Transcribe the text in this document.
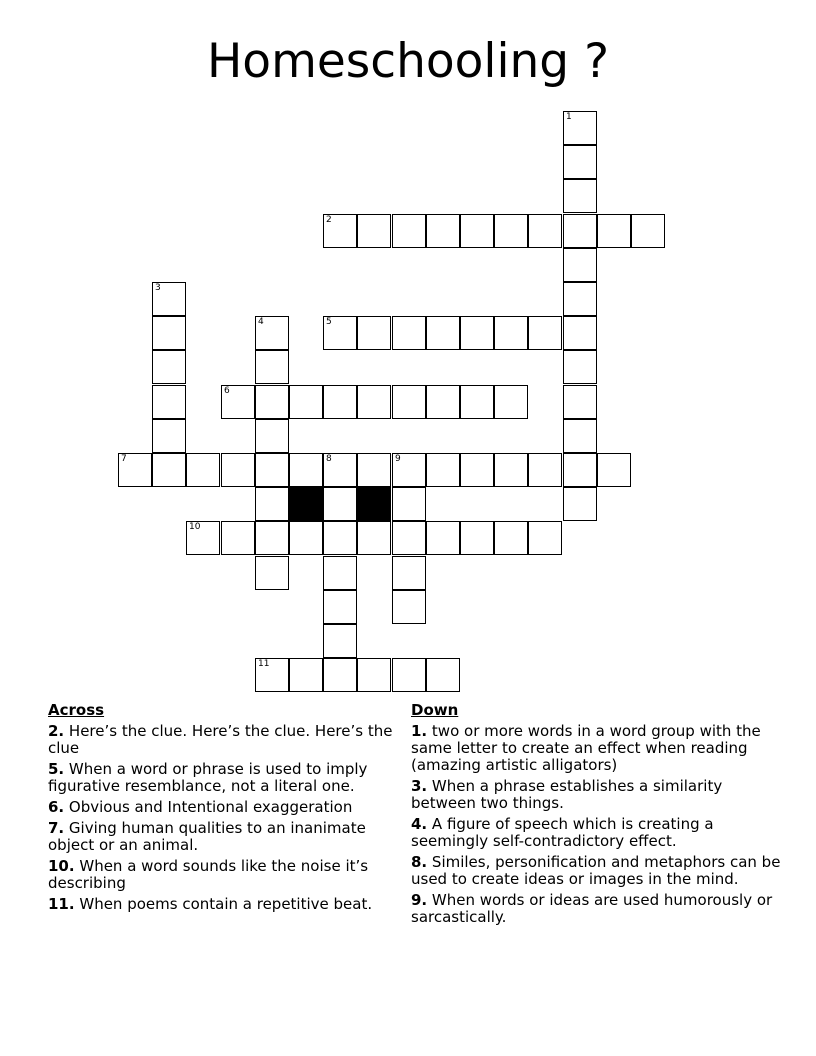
Homeschooling ?
1
2
3
4	5
6
7	8	9
10
11
Across
2. Here’s the clue. Here’s the clue. Here’s the clue
5. When a word or phrase is used to imply figurative resemblance, not a literal one.
6. Obvious and Intentional exaggeration
7. Giving human qualities to an inanimate object or an animal.
10. When a word sounds like the noise it’s describing
11. When poems contain a repetitive beat.
Down
1. two or more words in a word group with the same letter to create an effect when reading (amazing artistic alligators)
3. When a phrase establishes a similarity between two things.
4. A figure of speech which is creating a seemingly self-contradictory effect.
8. Similes, personification and metaphors can be used to create ideas or images in the mind.
9. When words or ideas are used humorously or sarcastically.
